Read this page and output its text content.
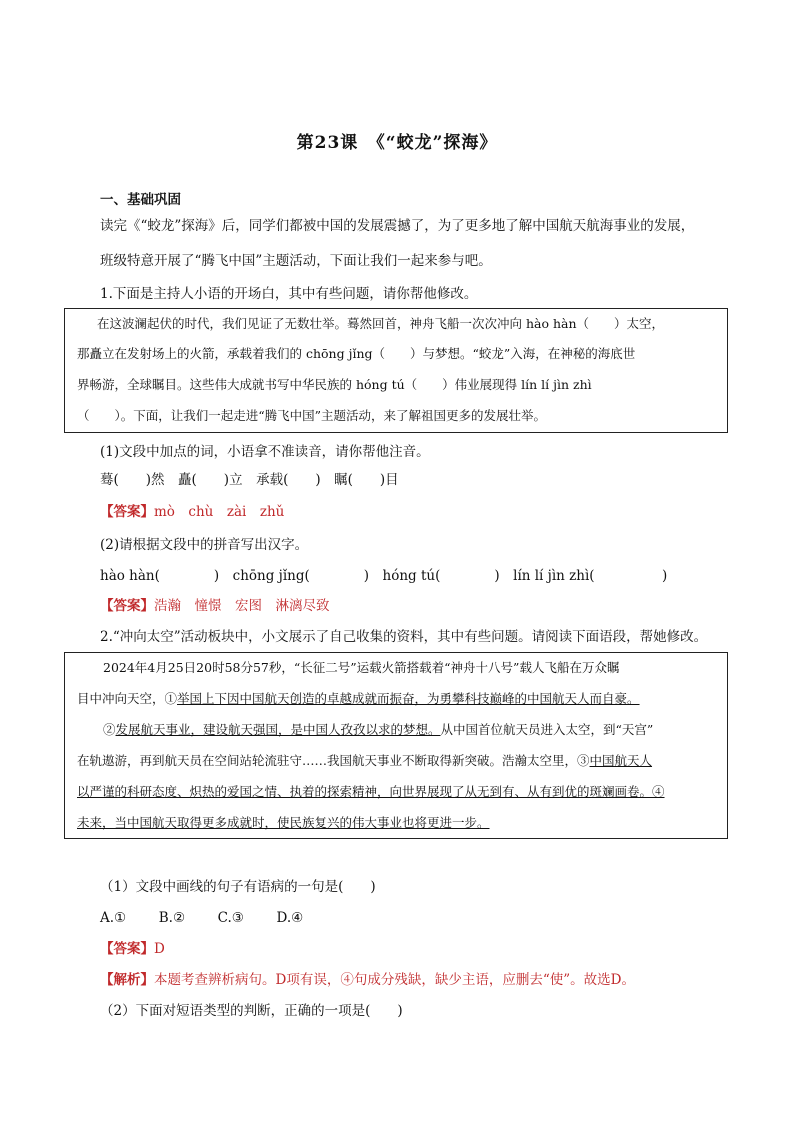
第23课　《“蛟龙”探海》
一、基础巩固
读完《“蛟龙”探海》后，同学们都被中国的发展震撼了，为了更多地了解中国航天航海事业的发展，
班级特意开展了“腾飞中国”主题活动，下面让我们一起来参与吧。
1.下面是主持人小语的开场白，其中有些问题，请你帮他修改。

在这波澜起伏的时代，我们见证了无数壮举。蓦然回首，神舟飞船一次次冲向 hào hàn（　　）太空，

那矗立在发射场上的火箭，承载着我们的 chōng jǐng（　　）与梦想。“蛟龙”入海，在神秘的海底世

界畅游，全球瞩目。这些伟大成就书写中华民族的 hóng tú（　　）伟业展现得 lín lí jìn zhì

（　　）。下面，让我们一起走进“腾飞中国”主题活动，来了解祖国更多的发展壮举。

(1)文段中加点的词，小语拿不准读音，请你帮他注音。
蓦(　　)然　矗(　　)立　承载(　　)　瞩(　　)目
【答案】mò　chù　zài　zhǔ
(2)请根据文段中的拼音写出汉字。
hào hàn(　　　　)　chōng jǐng(　　　　)　hóng tú(　　　　)　lín lí jìn zhì(　　　　　)
【答案】浩瀚　憧憬　宏图　淋漓尽致
2.“冲向太空”活动板块中，小文展示了自己收集的资料，其中有些问题。请阅读下面语段，帮她修改。

2024年4月25日20时58分57秒，“长征二号”运载火箭搭载着“神舟十八号”载人飞船在万众瞩

目中冲向天空，①举国上下因中国航天创造的卓越成就而振奋，为勇攀科技巅峰的中国航天人而自豪。

②发展航天事业，建设航天强国，是中国人孜孜以求的梦想。从中国首位航天员进入太空，到“天宫”

在轨遨游，再到航天员在空间站轮流驻守……我国航天事业不断取得新突破。浩瀚太空里，③中国航天人

以严谨的科研态度、炽热的爱国之情、执着的探索精神，向世界展现了从无到有、从有到优的斑斓画卷。④

未来，当中国航天取得更多成就时，使民族复兴的伟大事业也将更进一步。

（1）文段中画线的句子有语病的一句是(　　)
A.① B.② C.③ D.④
【答案】D
【解析】本题考查辨析病句。D项有误，④句成分残缺，缺少主语，应删去“使”。故选D。
（2）下面对短语类型的判断，正确的一项是(　　)
